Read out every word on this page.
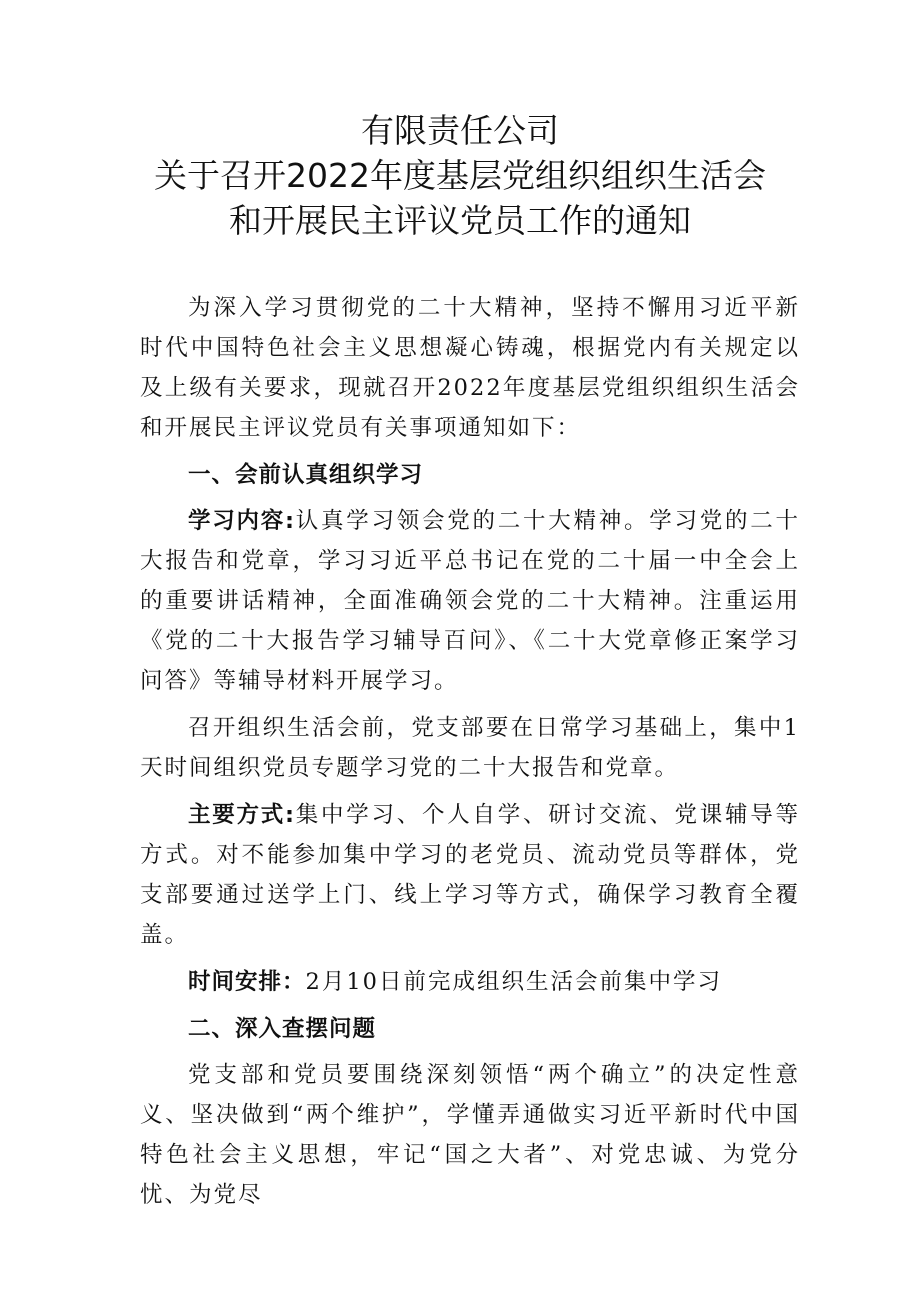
有限责任公司
关于召开2022年度基层党组织组织生活会
和开展民主评议党员工作的通知

为深入学习贯彻党的二十大精神，坚持不懈用习近平新时代中国特色社会主义思想凝心铸魂，根据党内有关规定以及上级有关要求，现就召开2022年度基层党组织组织生活会和开展民主评议党员有关事项通知如下：

一、会前认真组织学习

学习内容:认真学习领会党的二十大精神。学习党的二十大报告和党章，学习习近平总书记在党的二十届一中全会上的重要讲话精神，全面准确领会党的二十大精神。注重运用《党的二十大报告学习辅导百问》、《二十大党章修正案学习问答》等辅导材料开展学习。

召开组织生活会前，党支部要在日常学习基础上，集中1天时间组织党员专题学习党的二十大报告和党章。

主要方式:集中学习、个人自学、研讨交流、党课辅导等方式。对不能参加集中学习的老党员、流动党员等群体，党支部要通过送学上门、线上学习等方式，确保学习教育全覆盖。

时间安排：2月10日前完成组织生活会前集中学习

二、深入查摆问题

党支部和党员要围绕深刻领悟“两个确立”的决定性意义、坚决做到“两个维护”，学懂弄通做实习近平新时代中国特色社会主义思想，牢记“国之大者”、对党忠诚、为党分忧、为党尽
